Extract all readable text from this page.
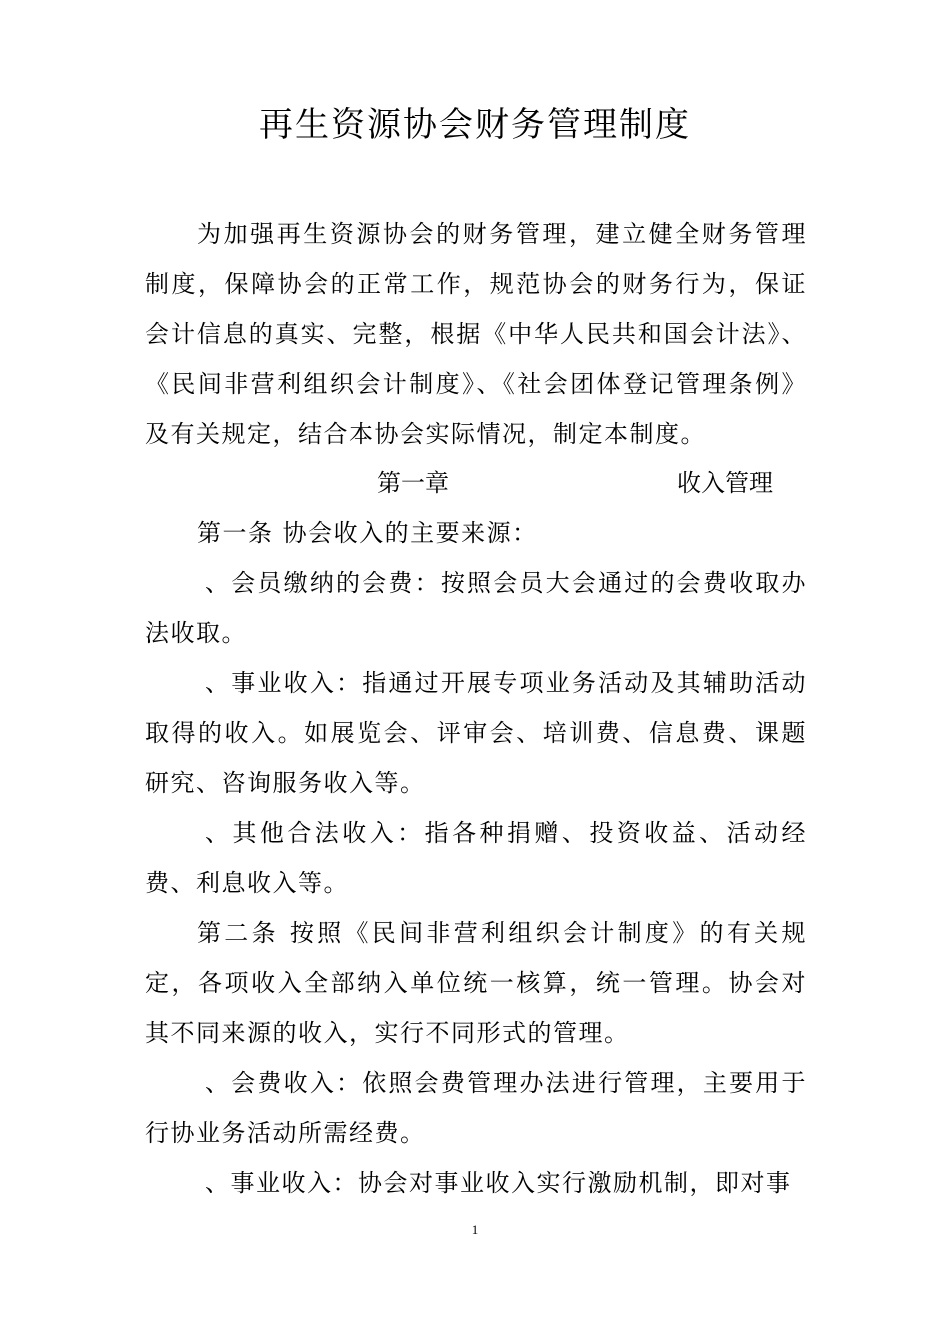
再生资源协会财务管理制度

为加强再生资源协会的财务管理，建立健全财务管理制度，保障协会的正常工作，规范协会的财务行为，保证会计信息的真实、完整，根据《中华人民共和国会计法》、《民间非营利组织会计制度》、《社会团体登记管理条例》及有关规定，结合本协会实际情况，制定本制度。

第一章	收入管理

第一条 协会收入的主要来源：

、会员缴纳的会费：按照会员大会通过的会费收取办法收取。

、事业收入：指通过开展专项业务活动及其辅助活动取得的收入。如展览会、评审会、培训费、信息费、课题研究、咨询服务收入等。

、其他合法收入：指各种捐赠、投资收益、活动经费、利息收入等。

第二条 按照《民间非营利组织会计制度》的有关规定，各项收入全部纳入单位统一核算，统一管理。协会对其不同来源的收入，实行不同形式的管理。

、会费收入：依照会费管理办法进行管理，主要用于行协业务活动所需经费。

、事业收入：协会对事业收入实行激励机制，即对事

1
